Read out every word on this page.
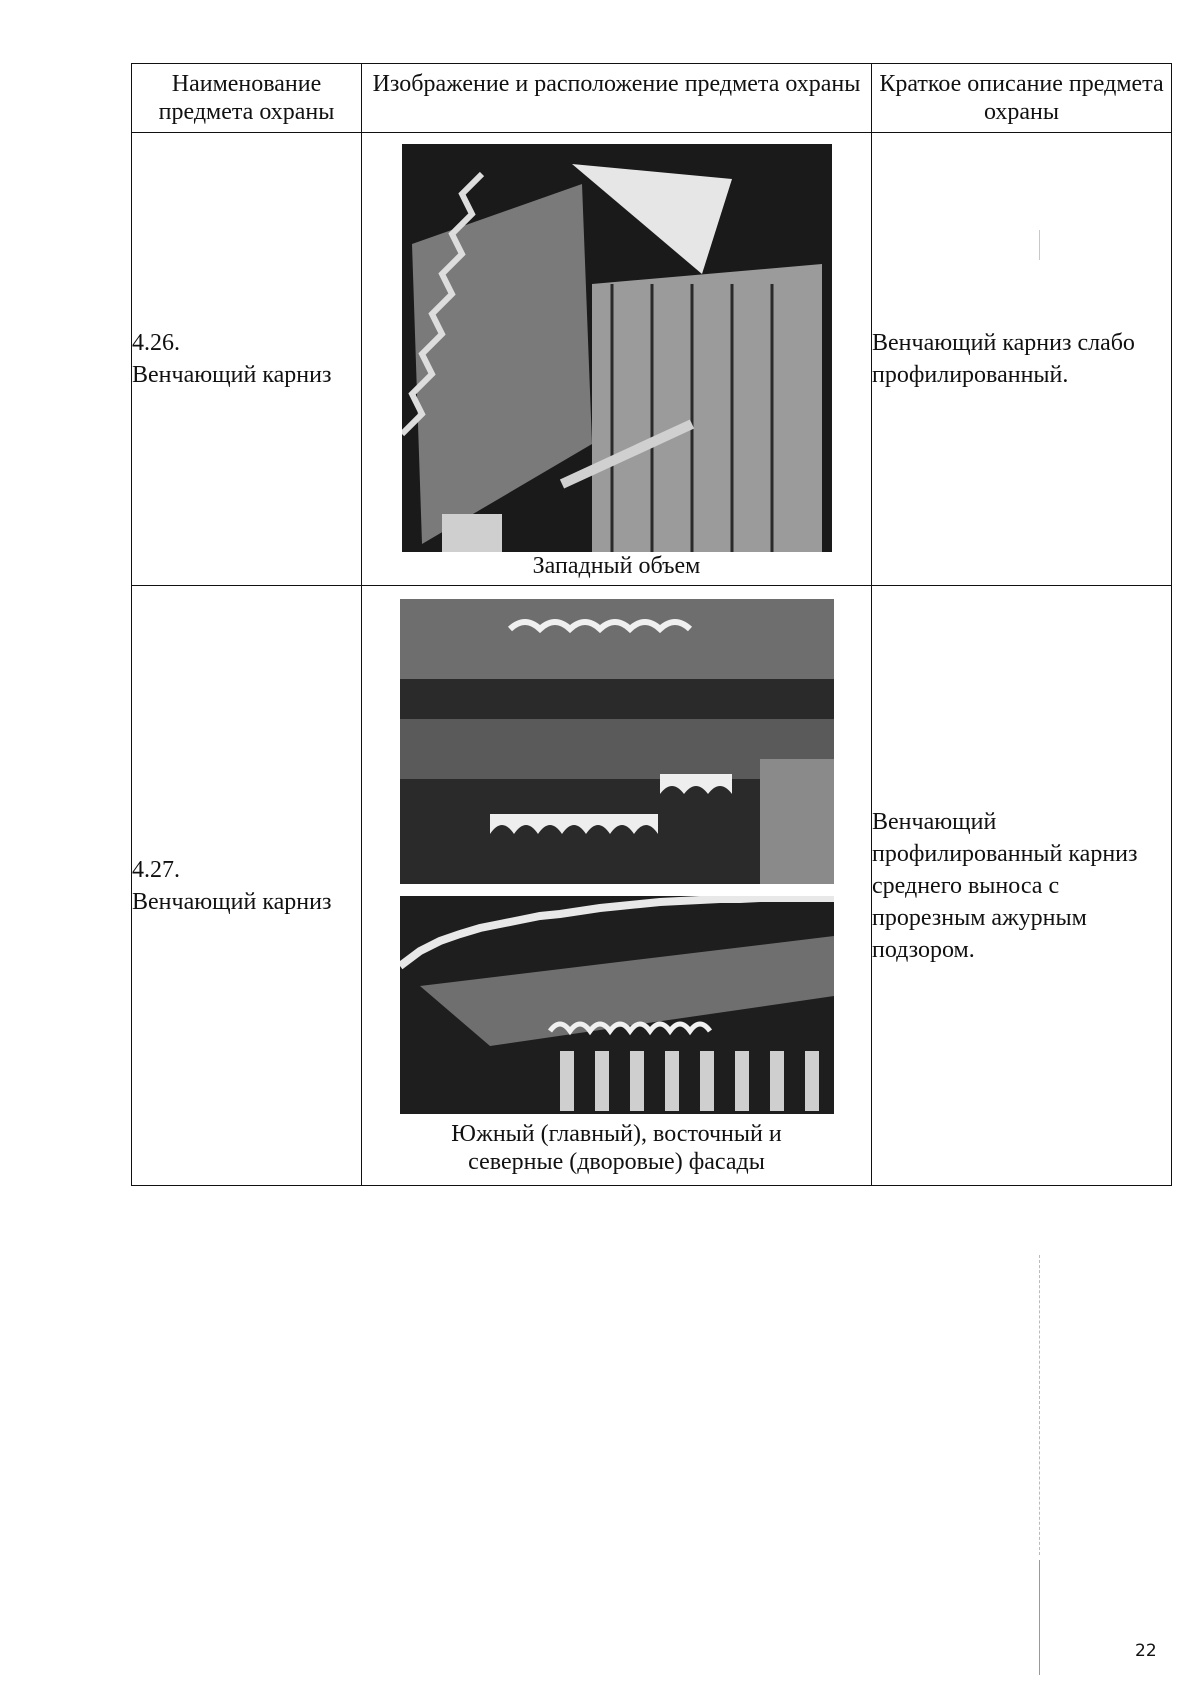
Наименование предмета охраны	Изображение и расположение предмета охраны	Краткое описание предмета охраны

4.26.
Венчающий карниз	Западный объем	Венчающий карниз слабо профилированный.

4.27.
Венчающий карниз	Южный (главный), восточный и северные (дворовые) фасады	Венчающий профилированный карниз среднего выноса с прорезным ажурным подзором.
22
